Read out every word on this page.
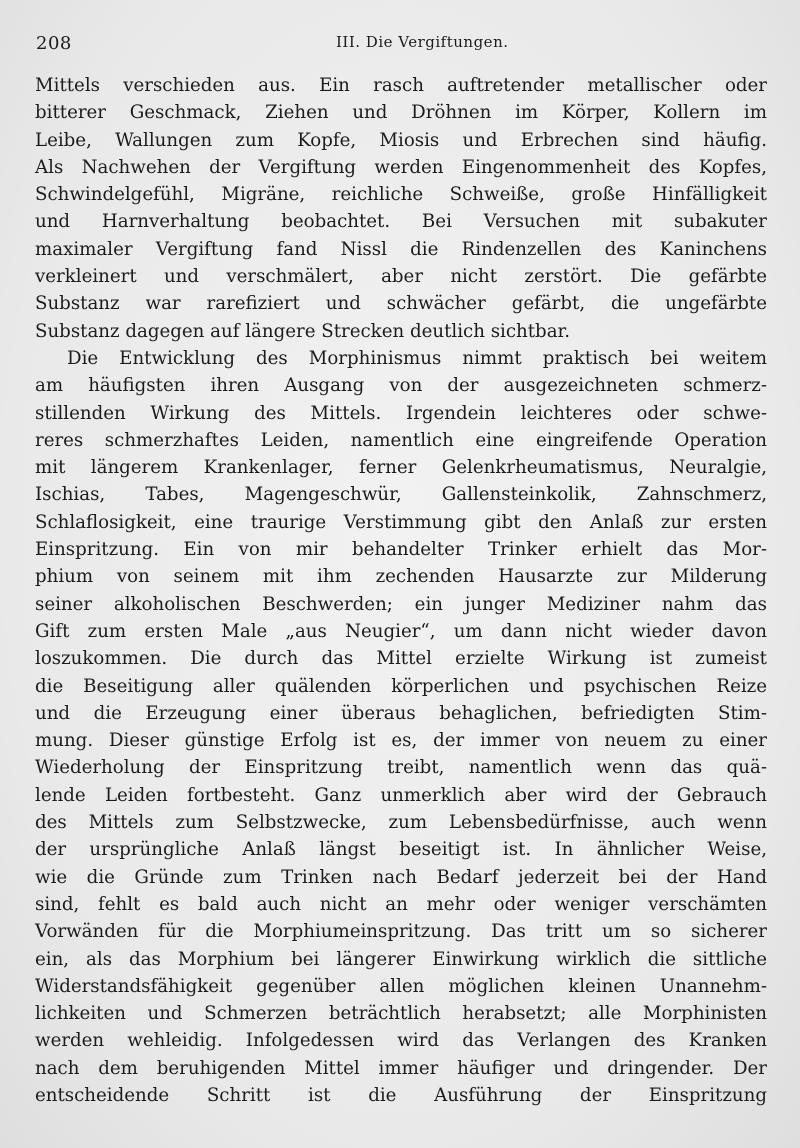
208	III. Die Vergiftungen.
Mittels verschieden aus. Ein rasch auftretender metallischer oder
bitterer Geschmack, Ziehen und Dröhnen im Körper, Kollern im
Leibe, Wallungen zum Kopfe, Miosis und Erbrechen sind häufig.
Als Nachwehen der Vergiftung werden Eingenommenheit des Kopfes,
Schwindelgefühl, Migräne, reichliche Schweiße, große Hinfälligkeit
und Harnverhaltung beobachtet. Bei Versuchen mit subakuter
maximaler Vergiftung fand Nissl die Rindenzellen des Kaninchens
verkleinert und verschmälert, aber nicht zerstört. Die gefärbte
Substanz war rarefiziert und schwächer gefärbt, die ungefärbte
Substanz dagegen auf längere Strecken deutlich sichtbar.
Die Entwicklung des Morphinismus nimmt praktisch bei weitem
am häufigsten ihren Ausgang von der ausgezeichneten schmerz-
stillenden Wirkung des Mittels. Irgendein leichteres oder schwe-
reres schmerzhaftes Leiden, namentlich eine eingreifende Operation
mit längerem Krankenlager, ferner Gelenkrheumatismus, Neuralgie,
Ischias, Tabes, Magengeschwür, Gallensteinkolik, Zahnschmerz,
Schlaflosigkeit, eine traurige Verstimmung gibt den Anlaß zur ersten
Einspritzung. Ein von mir behandelter Trinker erhielt das Mor-
phium von seinem mit ihm zechenden Hausarzte zur Milderung
seiner alkoholischen Beschwerden; ein junger Mediziner nahm das
Gift zum ersten Male „aus Neugier“, um dann nicht wieder davon
loszukommen. Die durch das Mittel erzielte Wirkung ist zumeist
die Beseitigung aller quälenden körperlichen und psychischen Reize
und die Erzeugung einer überaus behaglichen, befriedigten Stim-
mung. Dieser günstige Erfolg ist es, der immer von neuem zu einer
Wiederholung der Einspritzung treibt, namentlich wenn das quä-
lende Leiden fortbesteht. Ganz unmerklich aber wird der Gebrauch
des Mittels zum Selbstzwecke, zum Lebensbedürfnisse, auch wenn
der ursprüngliche Anlaß längst beseitigt ist. In ähnlicher Weise,
wie die Gründe zum Trinken nach Bedarf jederzeit bei der Hand
sind, fehlt es bald auch nicht an mehr oder weniger verschämten
Vorwänden für die Morphiumeinspritzung. Das tritt um so sicherer
ein, als das Morphium bei längerer Einwirkung wirklich die sittliche
Widerstandsfähigkeit gegenüber allen möglichen kleinen Unannehm-
lichkeiten und Schmerzen beträchtlich herabsetzt; alle Morphinisten
werden wehleidig. Infolgedessen wird das Verlangen des Kranken
nach dem beruhigenden Mittel immer häufiger und dringender. Der
entscheidende Schritt ist die Ausführung der Einspritzung
